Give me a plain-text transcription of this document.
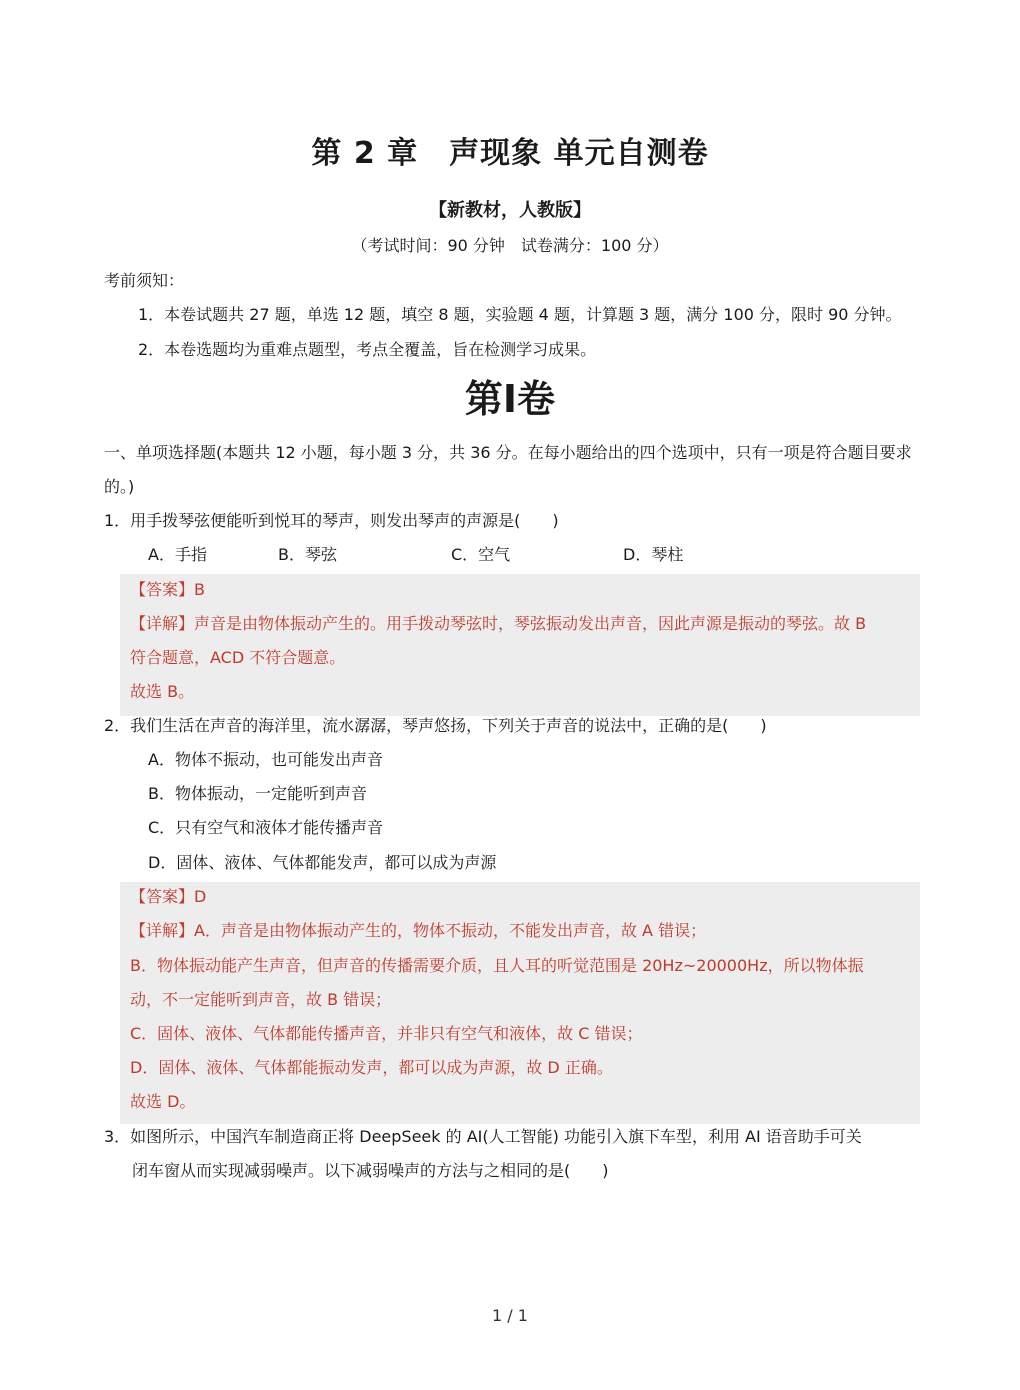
第 2 章　声现象 单元自测卷
【新教材，人教版】
（考试时间：90 分钟　试卷满分：100 分）
考前须知：
1．本卷试题共 27 题，单选 12 题，填空 8 题，实验题 4 题，计算题 3 题，满分 100 分，限时 90 分钟。
2．本卷选题均为重难点题型，考点全覆盖，旨在检测学习成果。
第Ⅰ卷
一、单项选择题(本题共 12 小题，每小题 3 分，共 36 分。在每小题给出的四个选项中，只有一项是符合题目要求的。)
1．用手拨琴弦便能听到悦耳的琴声，则发出琴声的声源是(　　)
A．手指	B．琴弦	C．空气	D．琴柱
【答案】B
【详解】声音是由物体振动产生的。用手拨动琴弦时，琴弦振动发出声音，因此声源是振动的琴弦。故 B
符合题意，ACD 不符合题意。
故选 B。
2．我们生活在声音的海洋里，流水潺潺，琴声悠扬，下列关于声音的说法中，正确的是(　　)
A．物体不振动，也可能发出声音
B．物体振动，一定能听到声音
C．只有空气和液体才能传播声音
D．固体、液体、气体都能发声，都可以成为声源
【答案】D
【详解】A．声音是由物体振动产生的，物体不振动，不能发出声音，故 A 错误；
B．物体振动能产生声音，但声音的传播需要介质，且人耳的听觉范围是 20Hz~20000Hz，所以物体振
动，不一定能听到声音，故 B 错误；
C．固体、液体、气体都能传播声音，并非只有空气和液体，故 C 错误；
D．固体、液体、气体都能振动发声，都可以成为声源，故 D 正确。
故选 D。
3．如图所示，中国汽车制造商正将 DeepSeek 的 AI(人工智能) 功能引入旗下车型，利用 AI 语音助手可关
闭车窗从而实现减弱噪声。以下减弱噪声的方法与之相同的是(　　)
1 / 1
